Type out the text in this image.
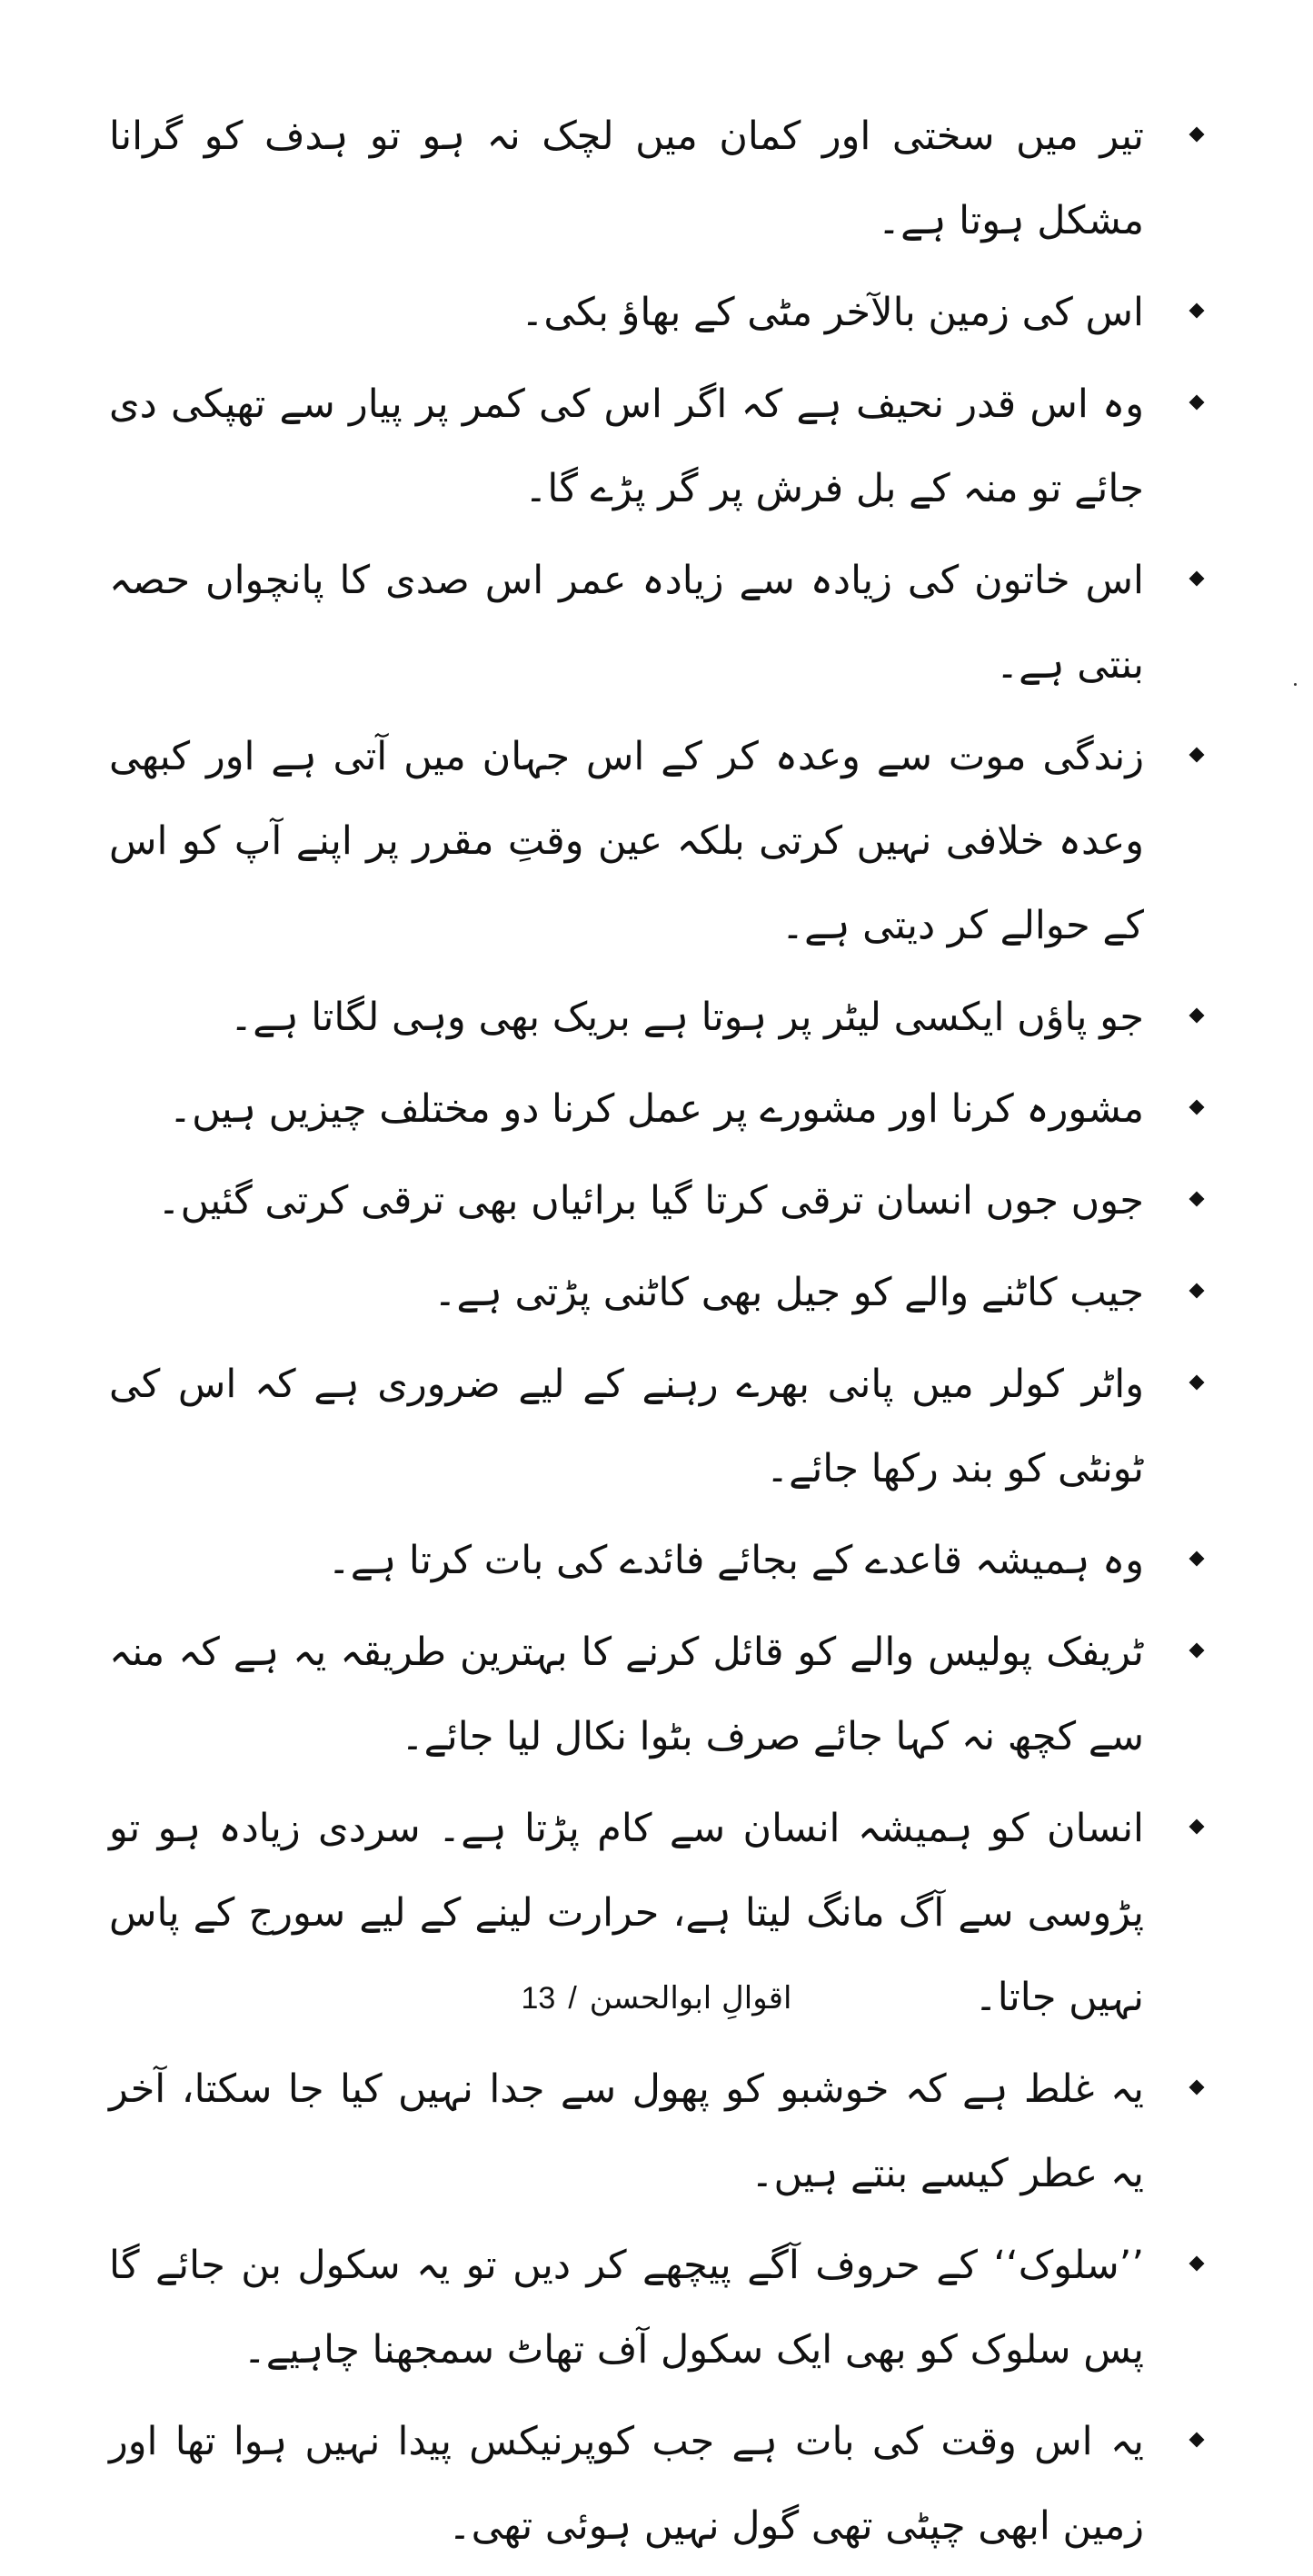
تیر میں سختی اور کمان میں لچک نہ ہو تو ہدف کو گرانا مشکل ہوتا ہے۔
اس کی زمین بالآخر مٹی کے بھاؤ بکی۔
وہ اس قدر نحیف ہے کہ اگر اس کی کمر پر پیار سے تھپکی دی جائے تو منہ کے بل فرش پر گر پڑے گا۔
اس خاتون کی زیادہ سے زیادہ عمر اس صدی کا پانچواں حصہ بنتی ہے۔
زندگی موت سے وعدہ کر کے اس جہان میں آتی ہے اور کبھی وعدہ خلافی نہیں کرتی بلکہ عین وقتِ مقرر پر اپنے آپ کو اس کے حوالے کر دیتی ہے۔
جو پاؤں ایکسی لیٹر پر ہوتا ہے بریک بھی وہی لگاتا ہے۔
مشورہ کرنا اور مشورے پر عمل کرنا دو مختلف چیزیں ہیں۔
جوں جوں انسان ترقی کرتا گیا برائیاں بھی ترقی کرتی گئیں۔
جیب کاٹنے والے کو جیل بھی کاٹنی پڑتی ہے۔
واٹر کولر میں پانی بھرے رہنے کے لیے ضروری ہے کہ اس کی ٹونٹی کو بند رکھا جائے۔
وہ ہمیشہ قاعدے کے بجائے فائدے کی بات کرتا ہے۔
ٹریفک پولیس والے کو قائل کرنے کا بہترین طریقہ یہ ہے کہ منہ سے کچھ نہ کہا جائے صرف بٹوا نکال لیا جائے۔
انسان کو ہمیشہ انسان سے کام پڑتا ہے۔ سردی زیادہ ہو تو پڑوسی سے آگ مانگ لیتا ہے، حرارت لینے کے لیے سورج کے پاس نہیں جاتا۔
یہ غلط ہے کہ خوشبو کو پھول سے جدا نہیں کیا جا سکتا، آخر یہ عطر کیسے بنتے ہیں۔
’’سلوک‘‘ کے حروف آگے پیچھے کر دیں تو یہ سکول بن جائے گا پس سلوک کو بھی ایک سکول آف تھاٹ سمجھنا چاہیے۔
یہ اس وقت کی بات ہے جب کوپرنیکس پیدا نہیں ہوا تھا اور زمین ابھی چپٹی تھی گول نہیں ہوئی تھی۔
13 / اقوالِ ابوالحسن
